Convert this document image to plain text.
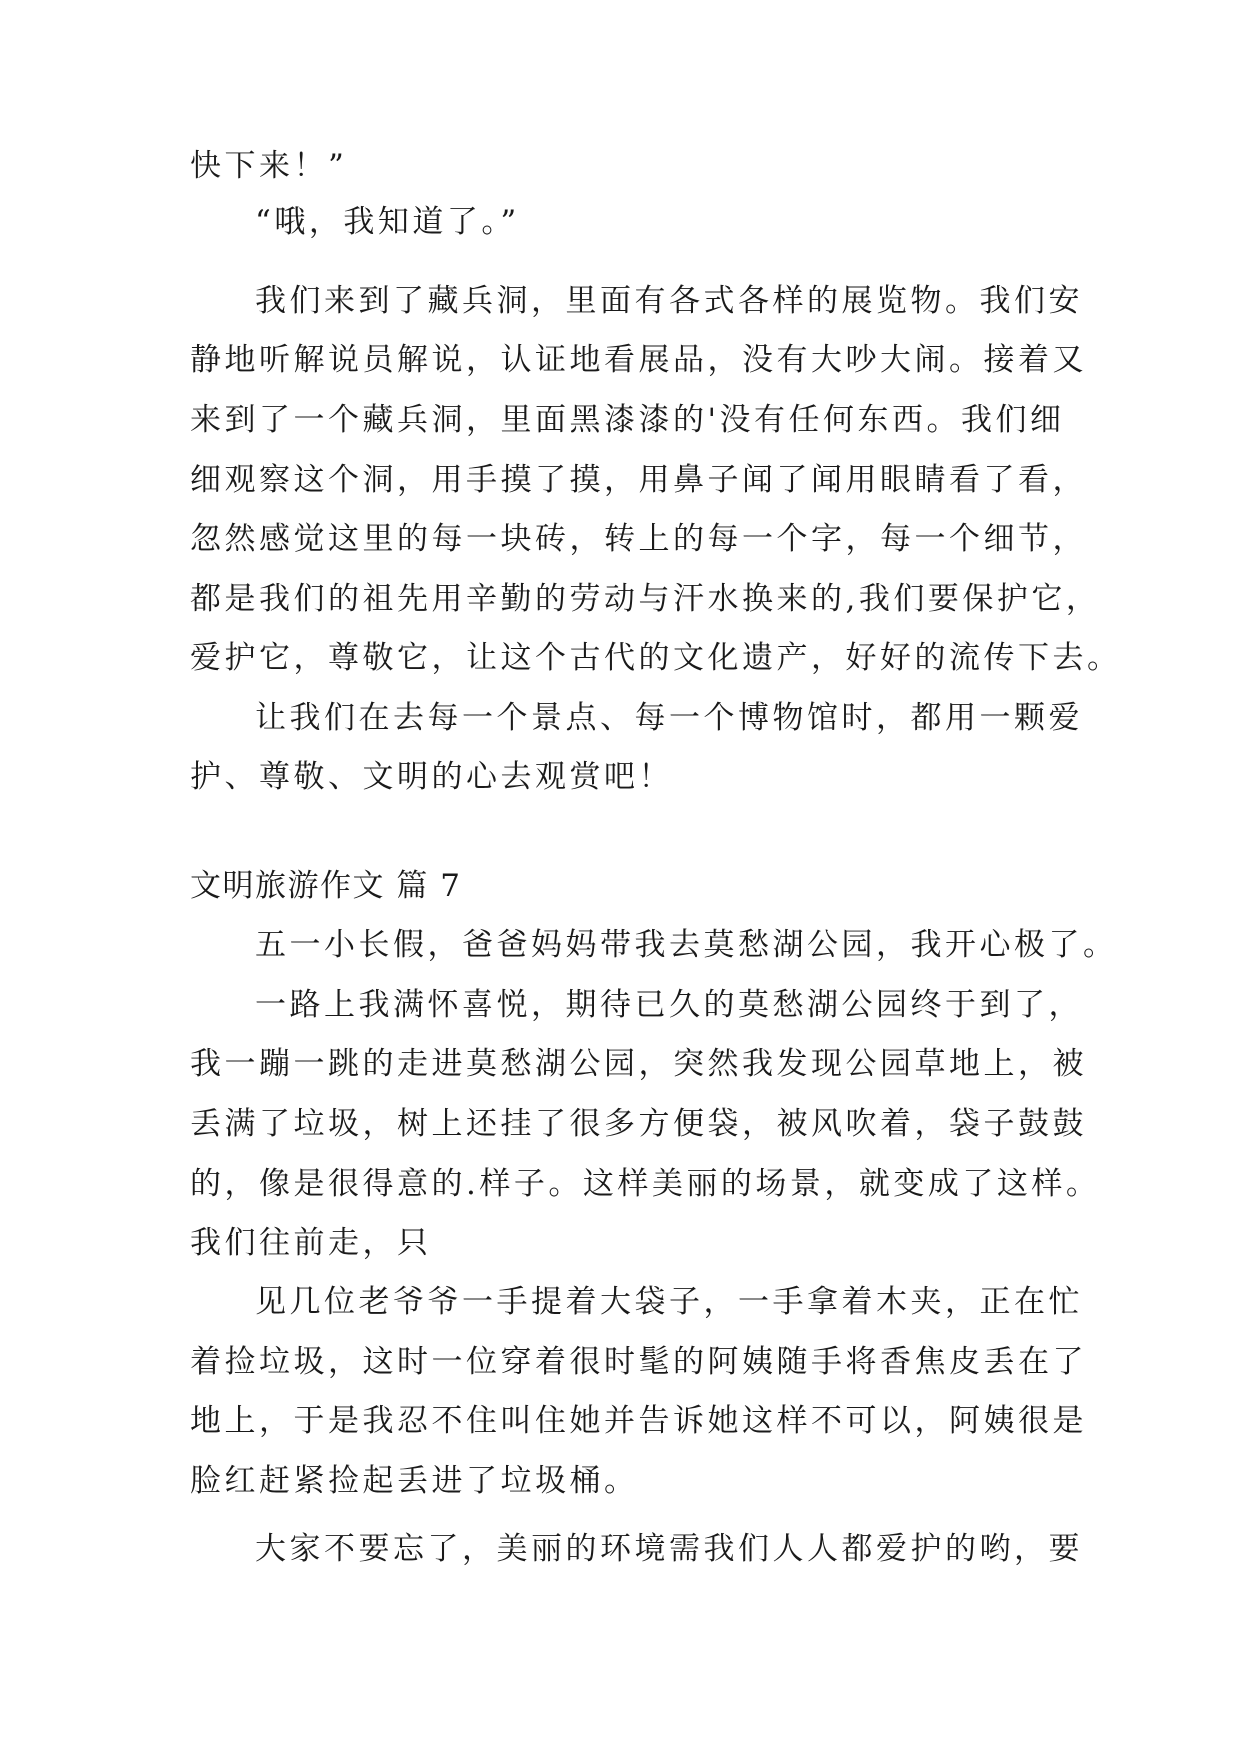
快下来！”

“哦，我知道了。”

我们来到了藏兵洞，里面有各式各样的展览物。我们安

静地听解说员解说，认证地看展品，没有大吵大闹。接着又

来到了一个藏兵洞，里面黑漆漆的'没有任何东西。我们细

细观察这个洞，用手摸了摸，用鼻子闻了闻用眼睛看了看，

忽然感觉这里的每一块砖，转上的每一个字，每一个细节，

都是我们的祖先用辛勤的劳动与汗水换来的,我们要保护它，

爱护它，尊敬它，让这个古代的文化遗产，好好的流传下去。

让我们在去每一个景点、每一个博物馆时，都用一颗爱

护、尊敬、文明的心去观赏吧！

文明旅游作文 篇 7

五一小长假，爸爸妈妈带我去莫愁湖公园，我开心极了。

一路上我满怀喜悦，期待已久的莫愁湖公园终于到了，

我一蹦一跳的走进莫愁湖公园，突然我发现公园草地上，被

丢满了垃圾，树上还挂了很多方便袋，被风吹着，袋子鼓鼓

的，像是很得意的.样子。这样美丽的场景，就变成了这样。

我们往前走，只

见几位老爷爷一手提着大袋子，一手拿着木夹，正在忙

着捡垃圾，这时一位穿着很时髦的阿姨随手将香焦皮丢在了

地上，于是我忍不住叫住她并告诉她这样不可以，阿姨很是

脸红赶紧捡起丢进了垃圾桶。

大家不要忘了，美丽的环境需我们人人都爱护的哟，要
